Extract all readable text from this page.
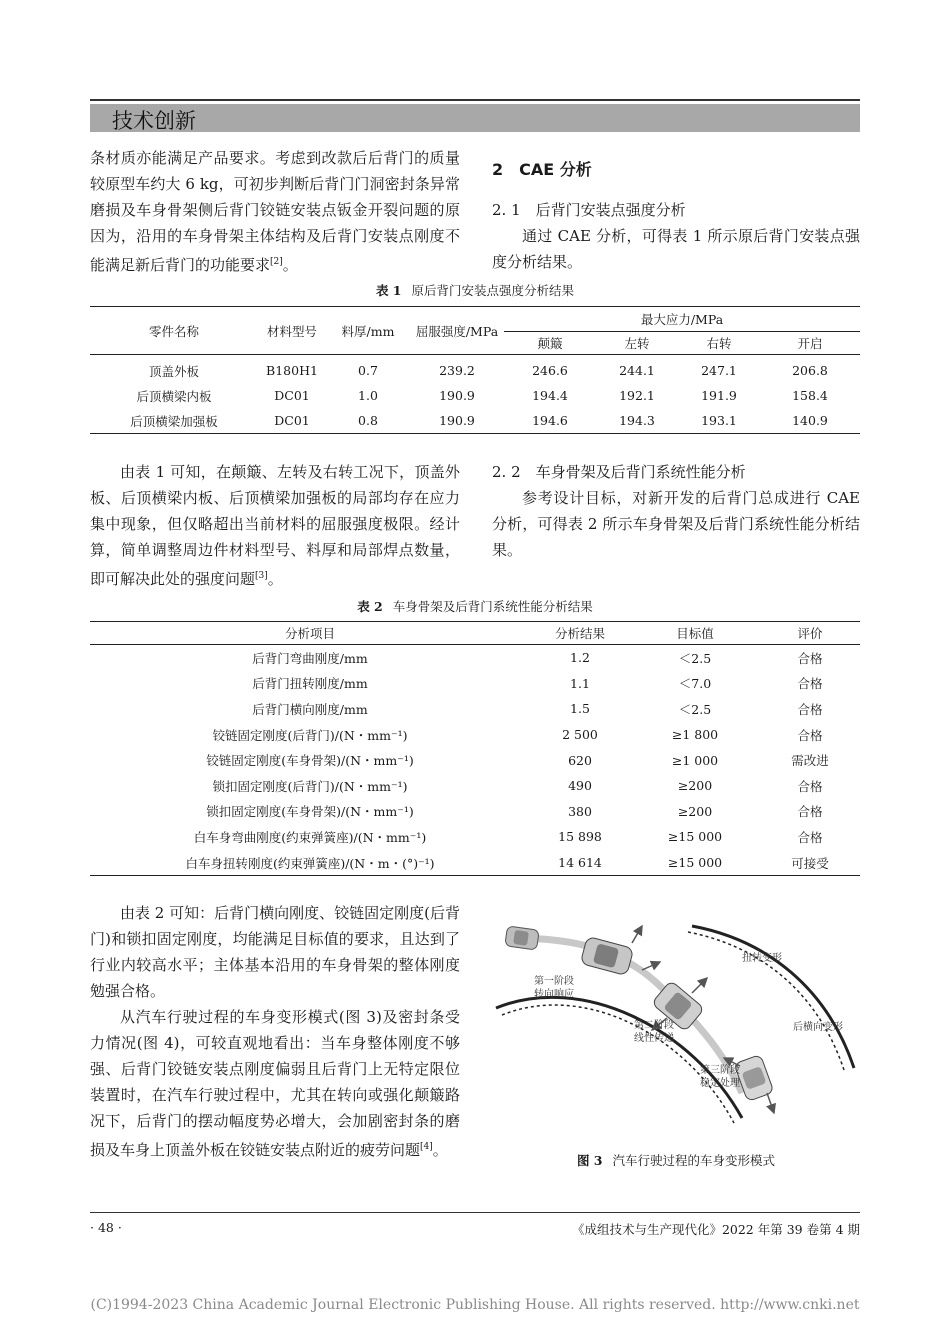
技术创新

条材质亦能满足产品要求。考虑到改款后后背门的质量较原型车约大 6 kg，可初步判断后背门门洞密封条异常磨损及车身骨架侧后背门铰链安装点钣金开裂问题的原因为，沿用的车身骨架主体结构及后背门安装点刚度不能满足新后背门的功能要求[2]。

2　CAE 分析
2. 1　后背门安装点强度分析

通过 CAE 分析，可得表 1 所示原后背门安装点强度分析结果。

表 1 原后背门安装点强度分析结果
零件名称	材料型号	料厚/mm	屈服强度/MPa	最大应力/MPa			
				颠簸	左转	右转	开启
顶盖外板	B180H1	0.7	239.2	246.6	244.1	247.1	206.8
后顶横梁内板	DC01	1.0	190.9	194.4	192.1	191.9	158.4
后顶横梁加强板	DC01	0.8	190.9	194.6	194.3	193.1	140.9

由表 1 可知，在颠簸、左转及右转工况下，顶盖外板、后顶横梁内板、后顶横梁加强板的局部均存在应力集中现象，但仅略超出当前材料的屈服强度极限。经计算，简单调整周边件材料型号、料厚和局部焊点数量，即可解决此处的强度问题[3]。

2. 2　车身骨架及后背门系统性能分析

参考设计目标，对新开发的后背门总成进行 CAE 分析，可得表 2 所示车身骨架及后背门系统性能分析结果。

表 2 车身骨架及后背门系统性能分析结果
分析项目	分析结果	目标值	评价
后背门弯曲刚度/mm	1.2	＜2.5	合格
后背门扭转刚度/mm	1.1	＜7.0	合格
后背门横向刚度/mm	1.5	＜2.5	合格
铰链固定刚度(后背门)/(N・mm⁻¹)	2 500	≥1 800	合格
铰链固定刚度(车身骨架)/(N・mm⁻¹)	620	≥1 000	需改进
锁扣固定刚度(后背门)/(N・mm⁻¹)	490	≥200	合格
锁扣固定刚度(车身骨架)/(N・mm⁻¹)	380	≥200	合格
白车身弯曲刚度(约束弹簧座)/(N・mm⁻¹)	15 898	≥15 000	合格
白车身扭转刚度(约束弹簧座)/(N・m・(°)⁻¹)	14 614	≥15 000	可接受

由表 2 可知：后背门横向刚度、铰链固定刚度(后背门)和锁扣固定刚度，均能满足目标值的要求，且达到了行业内较高水平；主体基本沿用的车身骨架的整体刚度勉强合格。

从汽车行驶过程的车身变形模式(图 3)及密封条受力情况(图 4)，可较直观地看出：当车身整体刚度不够强、后背门铰链安装点刚度偏弱且后背门上无特定限位装置时，在汽车行驶过程中，尤其在转向或强化颠簸路况下，后背门的摆动幅度势必增大，会加剧密封条的磨损及车身上顶盖外板在铰链安装点附近的疲劳问题[4]。

第一阶段
转向响应
第二阶段
线性传递
第三阶段
稳定处理
扭转变形
后横向变形
图 3 汽车行驶过程的车身变形模式
· 48 ·	《成组技术与生产现代化》2022 年第 39 卷第 4 期
(C)1994-2023 China Academic Journal Electronic Publishing House. All rights reserved. http://www.cnki.net
